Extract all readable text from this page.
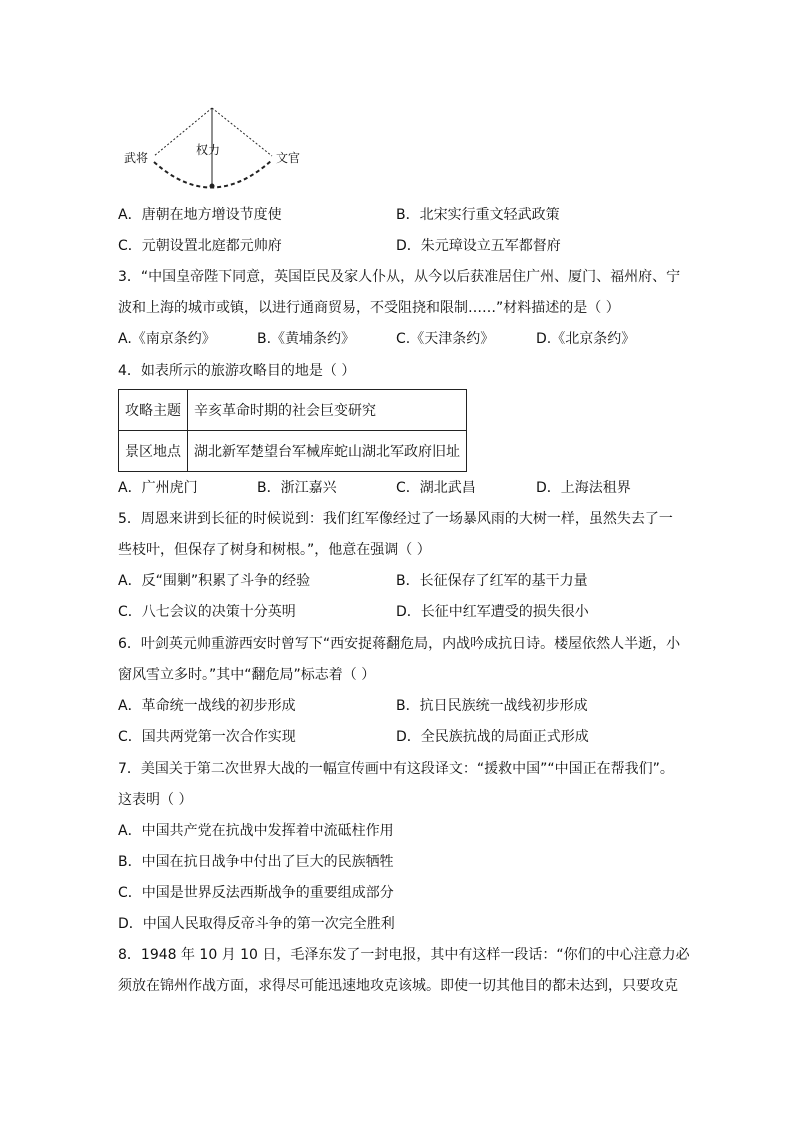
武将
权力
文官
A．唐朝在地方增设节度使	B．北宋实行重文轻武政策
C．元朝设置北庭都元帅府	D．朱元璋设立五军都督府
3．“中国皇帝陛下同意，英国臣民及家人仆从，从今以后获准居住广州、厦门、福州府、宁
波和上海的城市或镇，以进行通商贸易，不受阻挠和限制……”材料描述的是（ ）
A.《南京条约》	B.《黄埔条约》	C.《天津条约》	D.《北京条约》
4．如表所示的旅游攻略目的地是（ ）
攻略主题	辛亥革命时期的社会巨变研究
景区地点	湖北新军楚望台军械库蛇山湖北军政府旧址
A．广州虎门	B．浙江嘉兴	C．湖北武昌	D．上海法租界
5．周恩来讲到长征的时候说到：我们红军像经过了一场暴风雨的大树一样，虽然失去了一
些枝叶，但保存了树身和树根。”，他意在强调（ ）
A．反“围剿”积累了斗争的经验	B．长征保存了红军的基干力量
C．八七会议的决策十分英明	D．长征中红军遭受的损失很小
6．叶剑英元帅重游西安时曾写下“西安捉蒋翻危局，内战吟成抗日诗。楼屋依然人半逝，小
窗风雪立多时。”其中“翻危局”标志着（ ）
A．革命统一战线的初步形成	B．抗日民族统一战线初步形成
C．国共两党第一次合作实现	D．全民族抗战的局面正式形成
7．美国关于第二次世界大战的一幅宣传画中有这段译文：“援救中国”“中国正在帮我们”。
这表明（ ）
A．中国共产党在抗战中发挥着中流砥柱作用
B．中国在抗日战争中付出了巨大的民族牺牲
C．中国是世界反法西斯战争的重要组成部分
D．中国人民取得反帝斗争的第一次完全胜利
8．1948 年 10 月 10 日，毛泽东发了一封电报，其中有这样一段话：“你们的中心注意力必
须放在锦州作战方面，求得尽可能迅速地攻克该城。即使一切其他目的都未达到，只要攻克
